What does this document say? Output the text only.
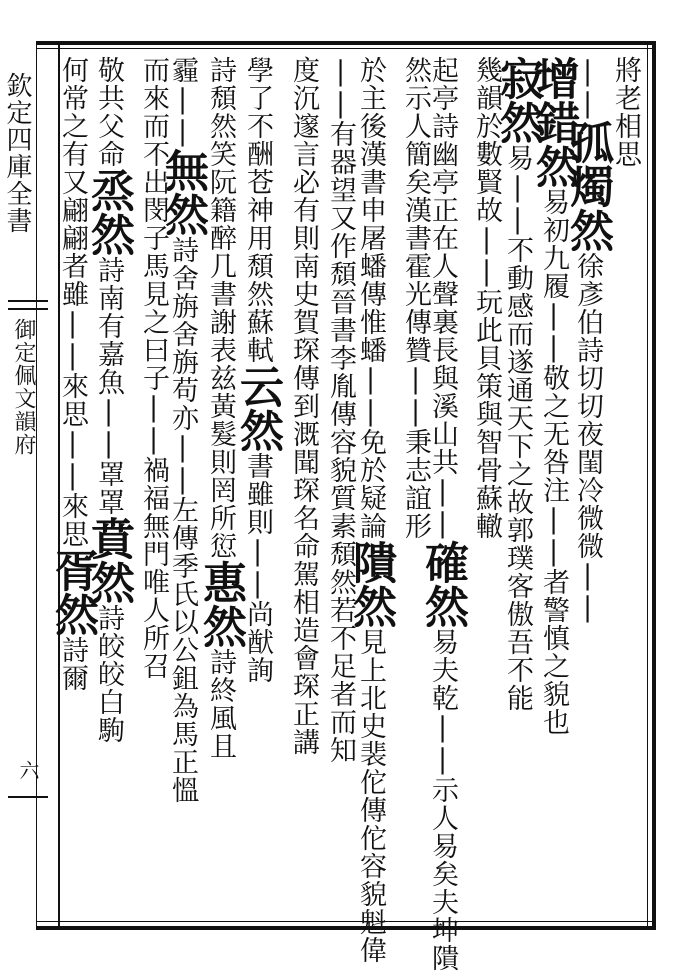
欽定四庫全書
御定佩文韻府
六
將老相思
||孤燭然徐彥伯詩切切夜閨冷微微||
增錯然易初九履||敬之无咎注||者警慎之貌也
寂然易||不動感而遂通天下之故郭璞客傲吾不能
幾韻於數賢故||玩此貝策與智骨蘇轍
起亭詩幽亭正在人聲裏長與溪山共||確然易夫乾||示人易矣夫坤隤
然示人簡矣漢書霍光傳贊||秉志誼形
於主後漢書申屠蟠傳惟蟠||免於疑論隤然見上北史裴佗傳佗容貌魁偉
||有器望又作頹晉書李胤傳容貌質素頹然若不足者而知
度沉邃言必有則南史賀琛傳到溉聞琛名命駕相造會琛正講
學了不酬苍神用頹然蘇軾云然書雖則||尚猷詢
詩頹然笑阮籍醉几書謝表兹黃髮則罔所愆惠然詩終風且
霾||無然詩舍旃舍旃苟亦||左傳季氏以公鉏為馬正慍
而來而不出閔子馬見之曰子||禍福無門唯人所召
敬共父命烝然詩南有嘉魚||罩罩賁然詩皎皎白駒
何常之有又翩翩者雖||來思||來思胥然詩爾
